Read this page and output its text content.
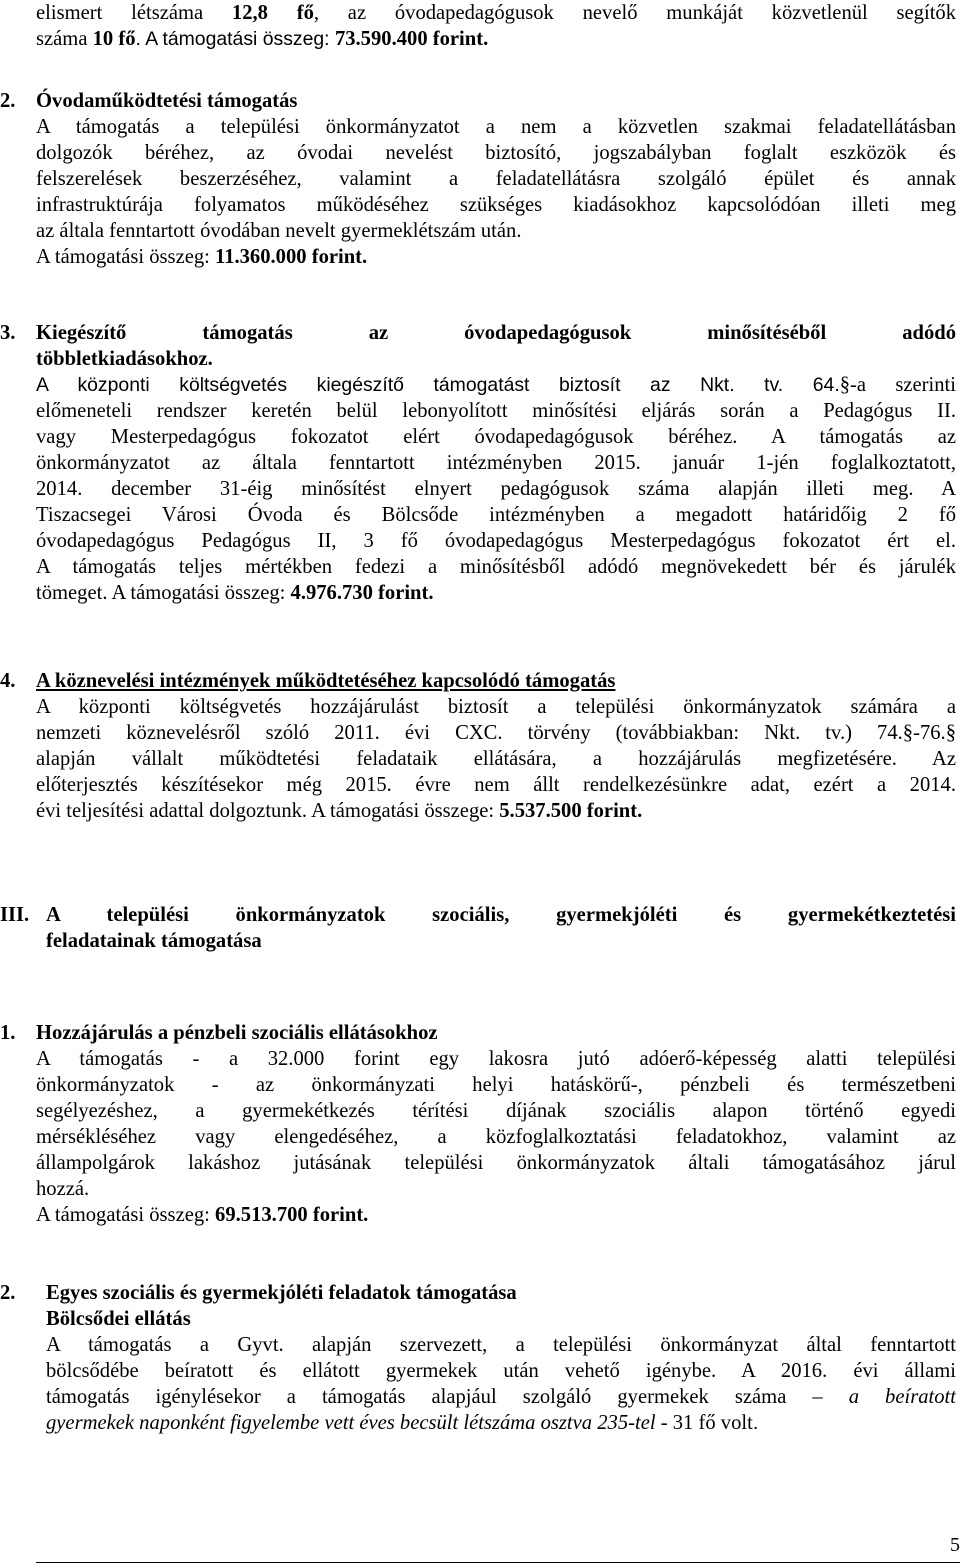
elismert létszáma 12,8 fő, az óvodapedagógusok nevelő munkáját közvetlenül segítők
száma 10 fő. A támogatási összeg: 73.590.400 forint.
2. Óvodaműködtetési támogatás
A támogatás a települési önkormányzatot a nem a közvetlen szakmai feladatellátásban
dolgozók béréhez, az óvodai nevelést biztosító, jogszabályban foglalt eszközök és
felszerelések beszerzéséhez, valamint a feladatellátásra szolgáló épület és annak
infrastruktúrája folyamatos működéséhez szükséges kiadásokhoz kapcsolódóan illeti meg
az általa fenntartott óvodában nevelt gyermeklétszám után.
A támogatási összeg: 11.360.000 forint.
3. Kiegészítő támogatás az óvodapedagógusok minősítéséből adódó
többletkiadásokhoz.
A központi költségvetés kiegészítő támogatást biztosít az Nkt. tv. 64.§-a szerinti
előmeneteli rendszer keretén belül lebonyolított minősítési eljárás során a Pedagógus II.
vagy Mesterpedagógus fokozatot elért óvodapedagógusok béréhez. A támogatás az
önkormányzatot az általa fenntartott intézményben 2015. január 1-jén foglalkoztatott,
2014. december 31-éig minősítést elnyert pedagógusok száma alapján illeti meg. A
Tiszacsegei Városi Óvoda és Bölcsőde intézményben a megadott határidőig 2 fő
óvodapedagógus Pedagógus II, 3 fő óvodapedagógus Mesterpedagógus fokozatot ért el.
A támogatás teljes mértékben fedezi a minősítésből adódó megnövekedett bér és járulék
tömeget. A támogatási összeg: 4.976.730 forint.
4. A köznevelési intézmények működtetéséhez kapcsolódó támogatás
A központi költségvetés hozzájárulást biztosít a települési önkormányzatok számára a
nemzeti köznevelésről szóló 2011. évi CXC. törvény (továbbiakban: Nkt. tv.) 74.§-76.§
alapján vállalt működtetési feladataik ellátására, a hozzájárulás megfizetésére. Az
előterjesztés készítésekor még 2015. évre nem állt rendelkezésünkre adat, ezért a 2014.
évi teljesítési adattal dolgoztunk. A támogatási összege: 5.537.500 forint.
III. A települési önkormányzatok szociális, gyermekjóléti és gyermekétkeztetési
feladatainak támogatása
1. Hozzájárulás a pénzbeli szociális ellátásokhoz
A támogatás - a 32.000 forint egy lakosra jutó adóerő-képesség alatti települési
önkormányzatok - az önkormányzati helyi hatáskörű-, pénzbeli és természetbeni
segélyezéshez, a gyermekétkezés térítési díjának szociális alapon történő egyedi
mérsékléséhez vagy elengedéséhez, a közfoglalkoztatási feladatokhoz, valamint az
állampolgárok lakáshoz jutásának települési önkormányzatok általi támogatásához járul
hozzá.
A támogatási összeg: 69.513.700 forint.
2. Egyes szociális és gyermekjóléti feladatok támogatása
Bölcsődei ellátás
A támogatás a Gyvt. alapján szervezett, a települési önkormányzat által fenntartott
bölcsődébe beíratott és ellátott gyermekek után vehető igénybe. A 2016. évi állami
támogatás igénylésekor a támogatás alapjául szolgáló gyermekek száma – a beíratott
gyermekek naponként figyelembe vett éves becsült létszáma osztva 235-tel - 31 fő volt.
5
